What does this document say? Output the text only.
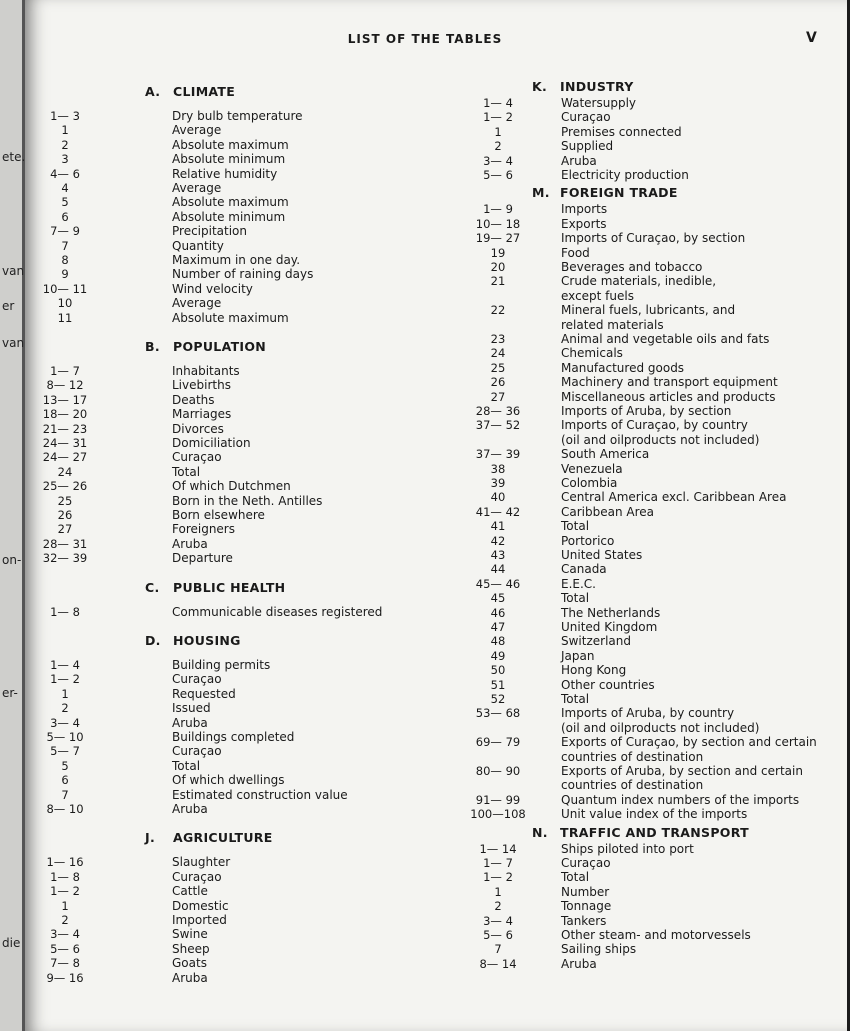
ete.
van
er
van
on-
er-
die
LIST OF THE TABLES	V
A. CLIMATE
1— 3	Dry bulb temperature
1	Average
2	Absolute maximum
3	Absolute minimum
4— 6	Relative humidity
4	Average
5	Absolute maximum
6	Absolute minimum
7— 9	Precipitation
7	Quantity
8	Maximum in one day.
9	Number of raining days
10— 11	Wind velocity
10	Average
11	Absolute maximum
B. POPULATION
1— 7	Inhabitants
8— 12	Livebirths
13— 17	Deaths
18— 20	Marriages
21— 23	Divorces
24— 31	Domiciliation
24— 27	Curaçao
24	Total
25— 26	Of which Dutchmen
25	Born in the Neth. Antilles
26	Born elsewhere
27	Foreigners
28— 31	Aruba
32— 39	Departure
C. PUBLIC HEALTH
1— 8	Communicable diseases registered
D. HOUSING
1— 4	Building permits
1— 2	Curaçao
1	Requested
2	Issued
3— 4	Aruba
5— 10	Buildings completed
5— 7	Curaçao
5	Total
6	Of which dwellings
7	Estimated construction value
8— 10	Aruba
J. AGRICULTURE
1— 16	Slaughter
1— 8	Curaçao
1— 2	Cattle
1	Domestic
2	Imported
3— 4	Swine
5— 6	Sheep
7— 8	Goats
9— 16	Aruba
K. INDUSTRY
1— 4	Watersupply
1— 2	Curaçao
1	Premises connected
2	Supplied
3— 4	Aruba
5— 6	Electricity production
M. FOREIGN TRADE
1— 9	Imports
10— 18	Exports
19— 27	Imports of Curaçao, by section
19	Food
20	Beverages and tobacco
21	Crude materials, inedible,
except fuels
22	Mineral fuels, lubricants, and
related materials
23	Animal and vegetable oils and fats
24	Chemicals
25	Manufactured goods
26	Machinery and transport equipment
27	Miscellaneous articles and products
28— 36	Imports of Aruba, by section
37— 52	Imports of Curaçao, by country
(oil and oilproducts not included)
37— 39	South America
38	Venezuela
39	Colombia
40	Central America excl. Caribbean Area
41— 42	Caribbean Area
41	Total
42	Portorico
43	United States
44	Canada
45— 46	E.E.C.
45	Total
46	The Netherlands
47	United Kingdom
48	Switzerland
49	Japan
50	Hong Kong
51	Other countries
52	Total
53— 68	Imports of Aruba, by country
(oil and oilproducts not included)
69— 79	Exports of Curaçao, by section and certain
countries of destination
80— 90	Exports of Aruba, by section and certain
countries of destination
91— 99	Quantum index numbers of the imports
100—108	Unit value index of the imports
N. TRAFFIC AND TRANSPORT
1— 14	Ships piloted into port
1— 7	Curaçao
1— 2	Total
1	Number
2	Tonnage
3— 4	Tankers
5— 6	Other steam- and motorvessels
7	Sailing ships
8— 14	Aruba
